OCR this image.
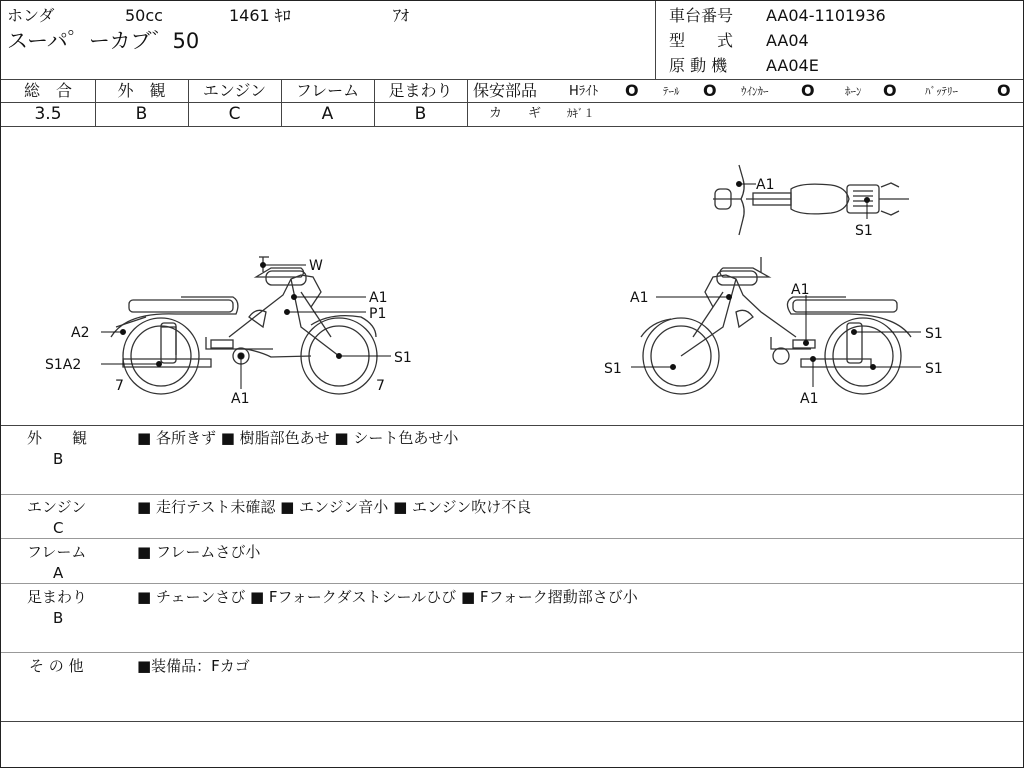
ホンダ	50cc	1461 ｷﾛ	ｱｵ
スーパ゜ーカブ゛50
車台番号 AA04-1101936
型　　式 AA04
原 動 機 AA04E
総　合	外　観	エンジン	フレーム	足まわり
3.5	B	C	A	B
保安部品 Hﾗｲﾄ O ﾃｰﾙ O ｳｲﾝｶｰ O	ﾎｰﾝ O	ﾊﾞｯﾃﾘｰ O
カ　　ギ ｶｷﾞ１
W
A1
P1
A2
S1A2	S1
7
A1
7
A1	A1
S1
S1	S1
A1
A1
S1
外　　観
B
■ 各所きず ■ 樹脂部色あせ ■ シート色あせ小
エンジン
C
■ 走行テスト未確認 ■ エンジン音小 ■ エンジン吹け不良
フレーム
A
■ フレームさび小
足まわり
B
■ チェーンさび ■ Fフォークダストシールひび ■ Fフォーク摺動部さび小
そ の 他	■装備品：Fカゴ
